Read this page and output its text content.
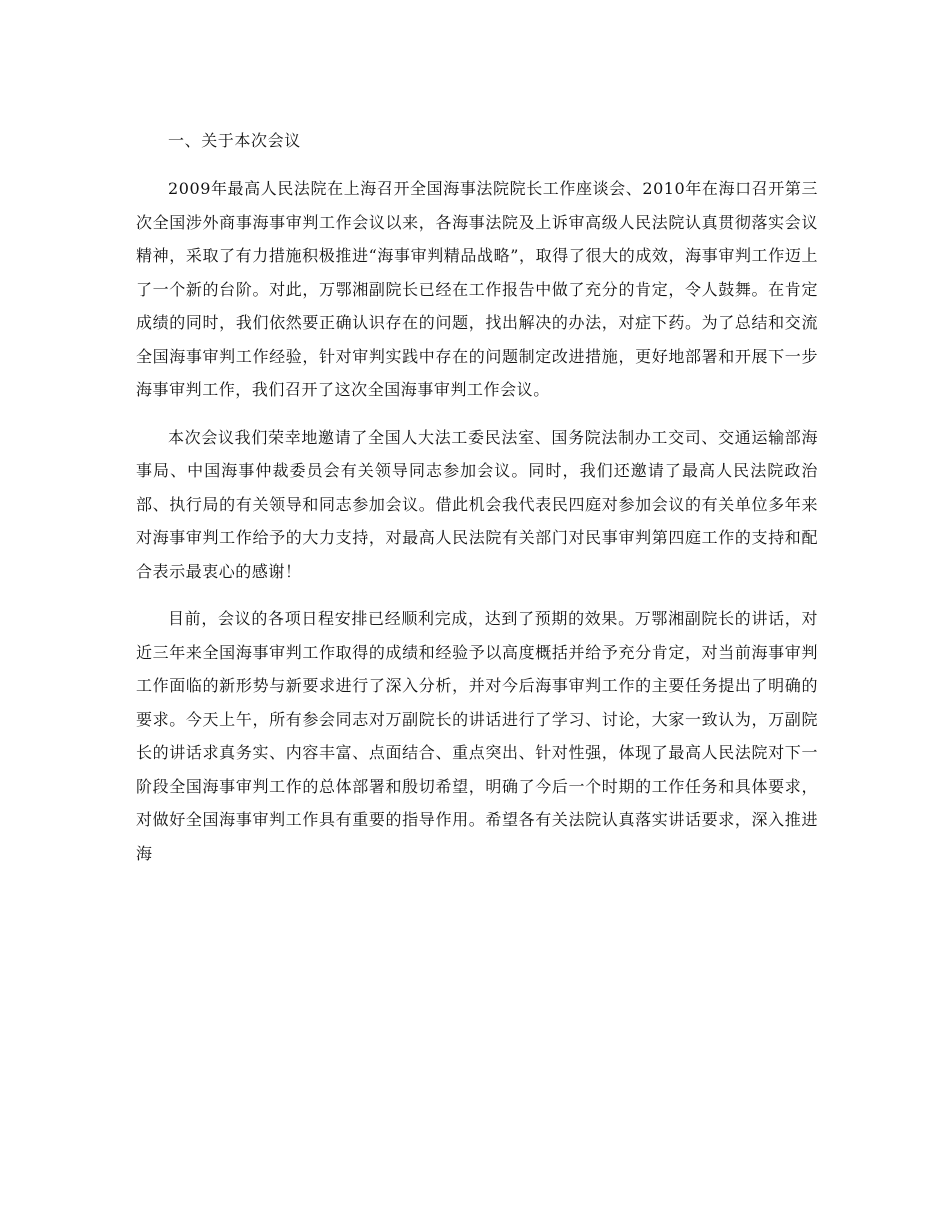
一、关于本次会议

2009年最高人民法院在上海召开全国海事法院院长工作座谈会、2010年在海口召开第三次全国涉外商事海事审判工作会议以来，各海事法院及上诉审高级人民法院认真贯彻落实会议精神，采取了有力措施积极推进“海事审判精品战略”，取得了很大的成效，海事审判工作迈上了一个新的台阶。对此，万鄂湘副院长已经在工作报告中做了充分的肯定，令人鼓舞。在肯定成绩的同时，我们依然要正确认识存在的问题，找出解决的办法，对症下药。为了总结和交流全国海事审判工作经验，针对审判实践中存在的问题制定改进措施，更好地部署和开展下一步海事审判工作，我们召开了这次全国海事审判工作会议。

本次会议我们荣幸地邀请了全国人大法工委民法室、国务院法制办工交司、交通运输部海事局、中国海事仲裁委员会有关领导同志参加会议。同时，我们还邀请了最高人民法院政治部、执行局的有关领导和同志参加会议。借此机会我代表民四庭对参加会议的有关单位多年来对海事审判工作给予的大力支持，对最高人民法院有关部门对民事审判第四庭工作的支持和配合表示最衷心的感谢！

目前，会议的各项日程安排已经顺利完成，达到了预期的效果。万鄂湘副院长的讲话，对近三年来全国海事审判工作取得的成绩和经验予以高度概括并给予充分肯定，对当前海事审判工作面临的新形势与新要求进行了深入分析，并对今后海事审判工作的主要任务提出了明确的要求。今天上午，所有参会同志对万副院长的讲话进行了学习、讨论，大家一致认为，万副院长的讲话求真务实、内容丰富、点面结合、重点突出、针对性强，体现了最高人民法院对下一阶段全国海事审判工作的总体部署和殷切希望，明确了今后一个时期的工作任务和具体要求，对做好全国海事审判工作具有重要的指导作用。希望各有关法院认真落实讲话要求，深入推进海
